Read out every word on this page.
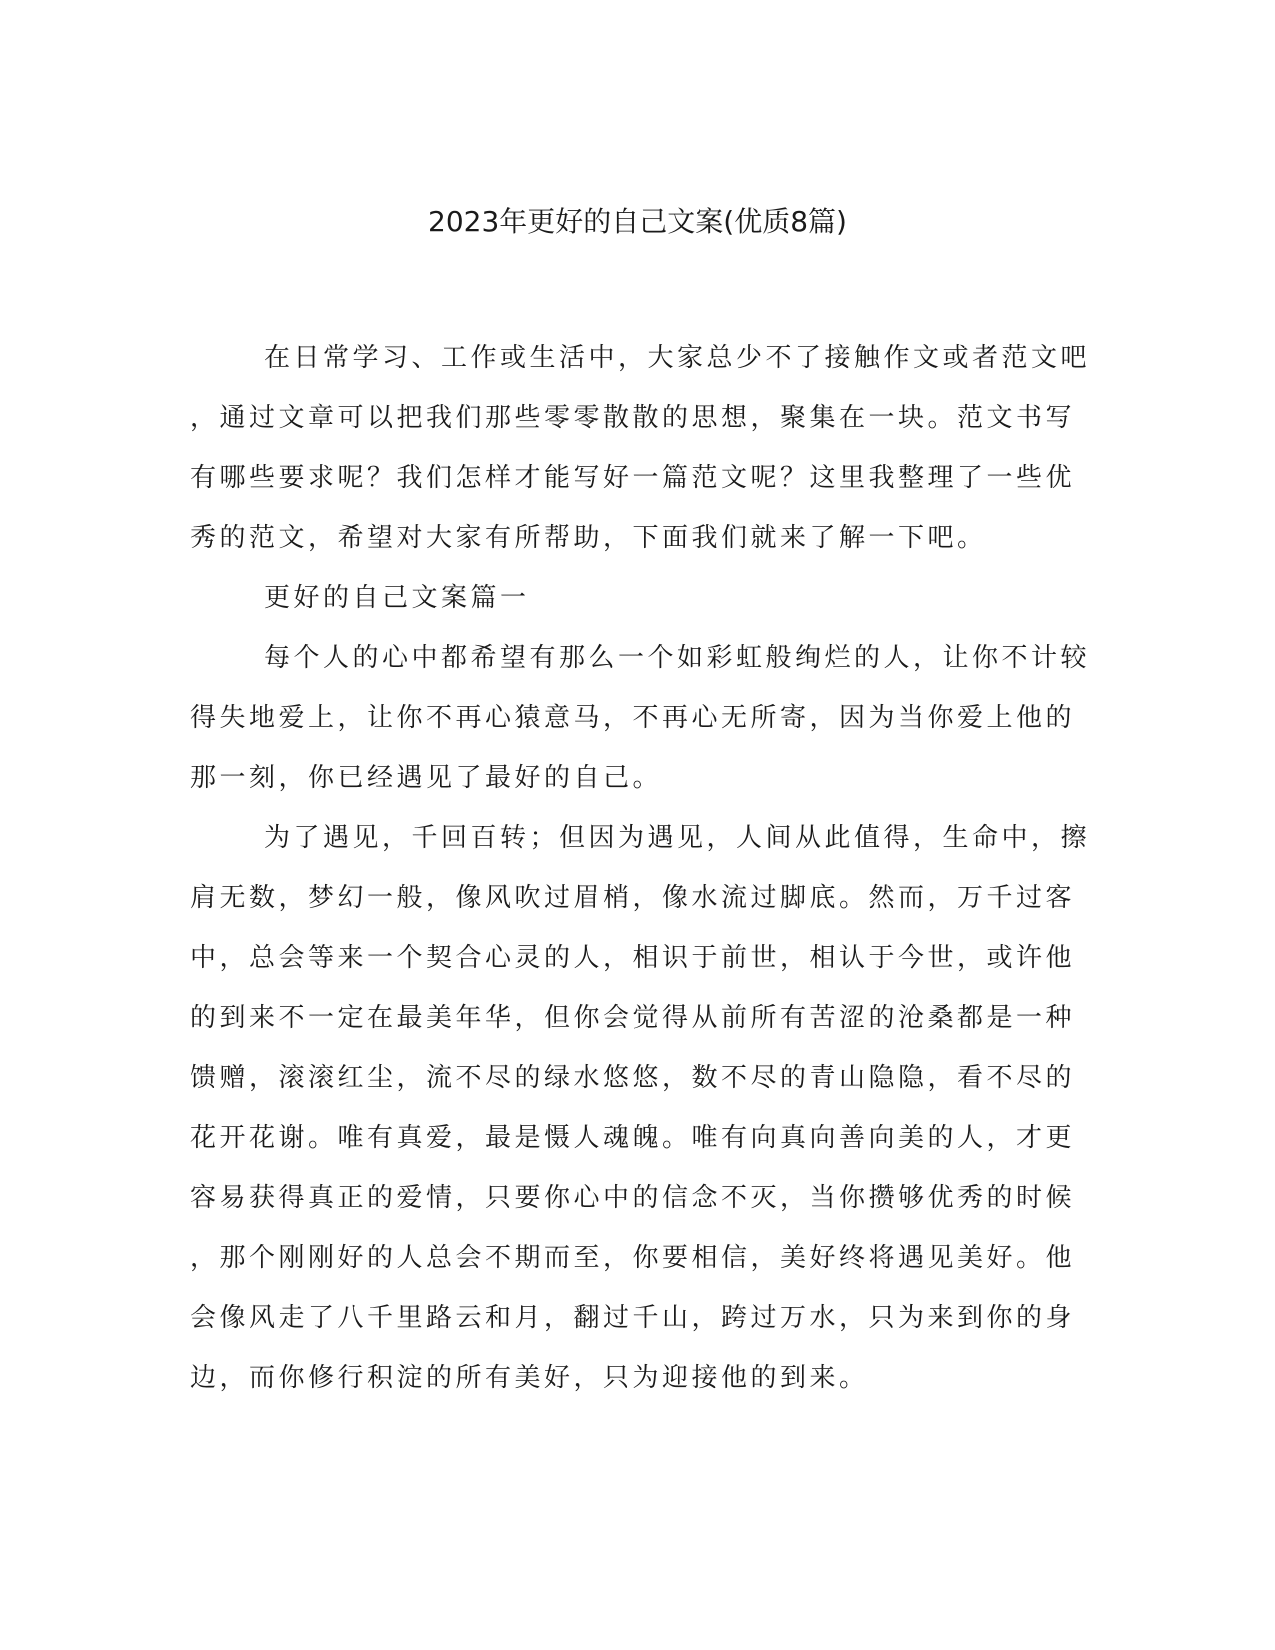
2023年更好的自己文案(优质8篇)
在日常学习、工作或生活中，大家总少不了接触作文或者范文吧
，通过文章可以把我们那些零零散散的思想，聚集在一块。范文书写
有哪些要求呢？我们怎样才能写好一篇范文呢？这里我整理了一些优
秀的范文，希望对大家有所帮助，下面我们就来了解一下吧。
更好的自己文案篇一
每个人的心中都希望有那么一个如彩虹般绚烂的人，让你不计较
得失地爱上，让你不再心猿意马，不再心无所寄，因为当你爱上他的
那一刻，你已经遇见了最好的自己。
为了遇见，千回百转；但因为遇见，人间从此值得，生命中，擦
肩无数，梦幻一般，像风吹过眉梢，像水流过脚底。然而，万千过客
中，总会等来一个契合心灵的人，相识于前世，相认于今世，或许他
的到来不一定在最美年华，但你会觉得从前所有苦涩的沧桑都是一种
馈赠，滚滚红尘，流不尽的绿水悠悠，数不尽的青山隐隐，看不尽的
花开花谢。唯有真爱，最是慑人魂魄。唯有向真向善向美的人，才更
容易获得真正的爱情，只要你心中的信念不灭，当你攒够优秀的时候
，那个刚刚好的人总会不期而至，你要相信，美好终将遇见美好。他
会像风走了八千里路云和月，翻过千山，跨过万水，只为来到你的身
边，而你修行积淀的所有美好，只为迎接他的到来。
